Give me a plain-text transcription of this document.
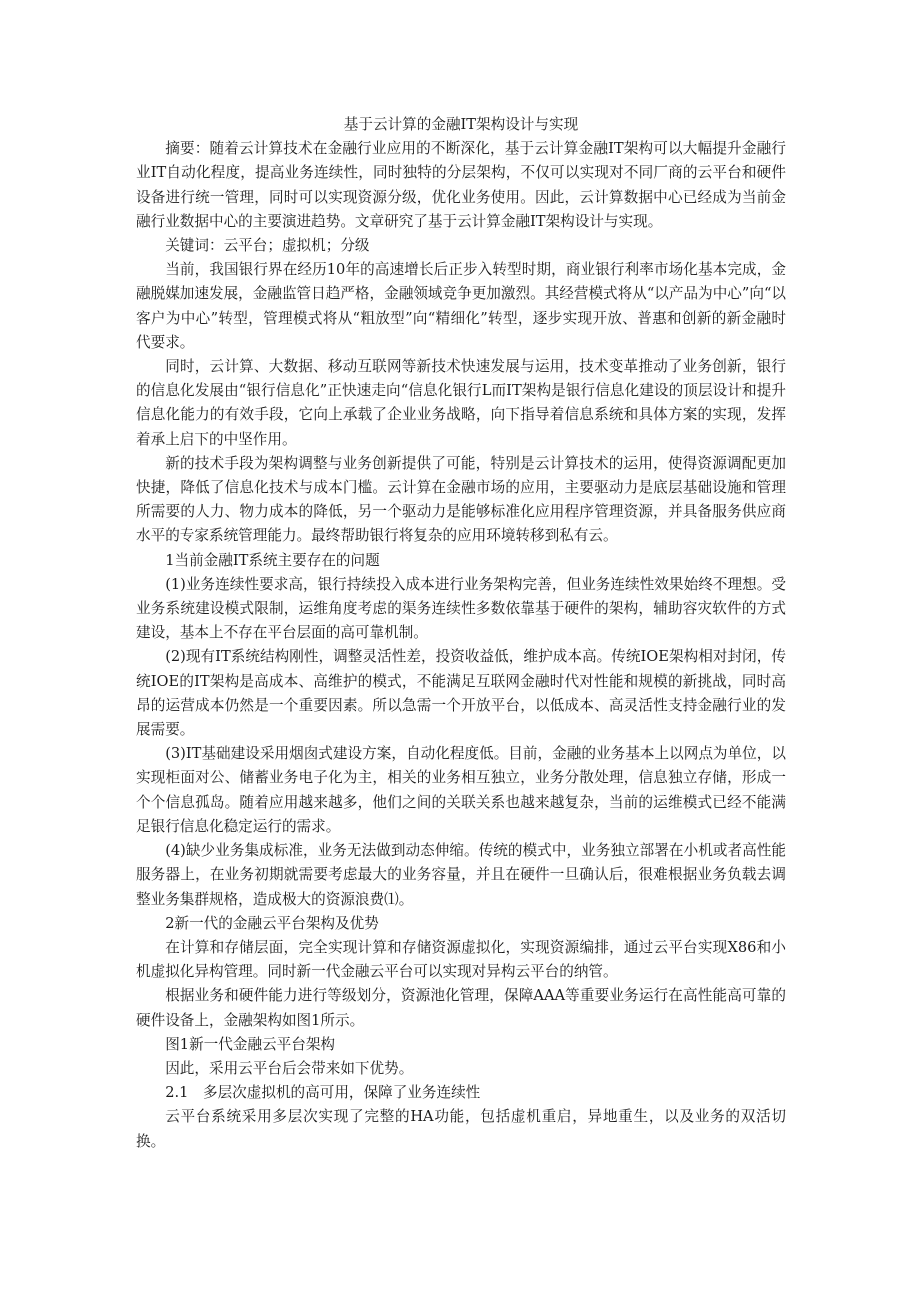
基于云计算的金融IT架构设计与实现

摘要：随着云计算技术在金融行业应用的不断深化，基于云计算金融IT架构可以大幅提升金融行业IT自动化程度，提高业务连续性，同时独特的分层架构，不仅可以实现对不同厂商的云平台和硬件设备进行统一管理，同时可以实现资源分级，优化业务使用。因此，云计算数据中心已经成为当前金融行业数据中心的主要演进趋势。文章研究了基于云计算金融IT架构设计与实现。

关键词：云平台；虚拟机；分级

当前，我国银行界在经历10年的高速增长后正步入转型时期，商业银行利率市场化基本完成，金融脱媒加速发展，金融监管日趋严格，金融领域竞争更加激烈。其经营模式将从“以产品为中心”向“以客户为中心”转型，管理模式将从“粗放型”向“精细化”转型，逐步实现开放、普惠和创新的新金融时代要求。

同时，云计算、大数据、移动互联网等新技术快速发展与运用，技术变革推动了业务创新，银行的信息化发展由“银行信息化”正快速走向“信息化银行L而IT架构是银行信息化建设的顶层设计和提升信息化能力的有效手段，它向上承载了企业业务战略，向下指导着信息系统和具体方案的实现，发挥着承上启下的中坚作用。

新的技术手段为架构调整与业务创新提供了可能，特别是云计算技术的运用，使得资源调配更加快捷，降低了信息化技术与成本门槛。云计算在金融市场的应用，主要驱动力是底层基础设施和管理所需要的人力、物力成本的降低，另一个驱动力是能够标准化应用程序管理资源，并具备服务供应商水平的专家系统管理能力。最终帮助银行将复杂的应用环境转移到私有云。

1当前金融IT系统主要存在的问题

(1)业务连续性要求高，银行持续投入成本进行业务架构完善，但业务连续性效果始终不理想。受业务系统建设模式限制，运维角度考虑的渠务连续性多数依靠基于硬件的架构，辅助容灾软件的方式建设，基本上不存在平台层面的高可靠机制。

(2)现有IT系统结构刚性，调整灵活性差，投资收益低，维护成本高。传统IOE架构相对封闭，传统IOE的IT架构是高成本、高维护的模式，不能满足互联网金融时代对性能和规模的新挑战，同时高昂的运营成本仍然是一个重要因素。所以急需一个开放平台，以低成本、高灵活性支持金融行业的发展需要。

(3)IT基础建设采用烟囱式建设方案，自动化程度低。目前，金融的业务基本上以网点为单位，以实现柜面对公、储蓄业务电子化为主，相关的业务相互独立，业务分散处理，信息独立存储，形成一个个信息孤岛。随着应用越来越多，他们之间的关联关系也越来越复杂，当前的运维模式已经不能满足银行信息化稳定运行的需求。

(4)缺少业务集成标准，业务无法做到动态伸缩。传统的模式中，业务独立部署在小机或者高性能服务器上，在业务初期就需要考虑最大的业务容量，并且在硬件一旦确认后，很难根据业务负载去调整业务集群规格，造成极大的资源浪费⑴。

2新一代的金融云平台架构及优势

在计算和存储层面，完全实现计算和存储资源虚拟化，实现资源编排，通过云平台实现X86和小机虚拟化异构管理。同时新一代金融云平台可以实现对异构云平台的纳管。

根据业务和硬件能力进行等级划分，资源池化管理，保障AAA等重要业务运行在高性能高可靠的硬件设备上，金融架构如图1所示。

图1新一代金融云平台架构

因此，采用云平台后会带来如下优势。

2.1　多层次虚拟机的高可用，保障了业务连续性

云平台系统采用多层次实现了完整的HA功能，包括虚机重启，异地重生，以及业务的双活切换。
